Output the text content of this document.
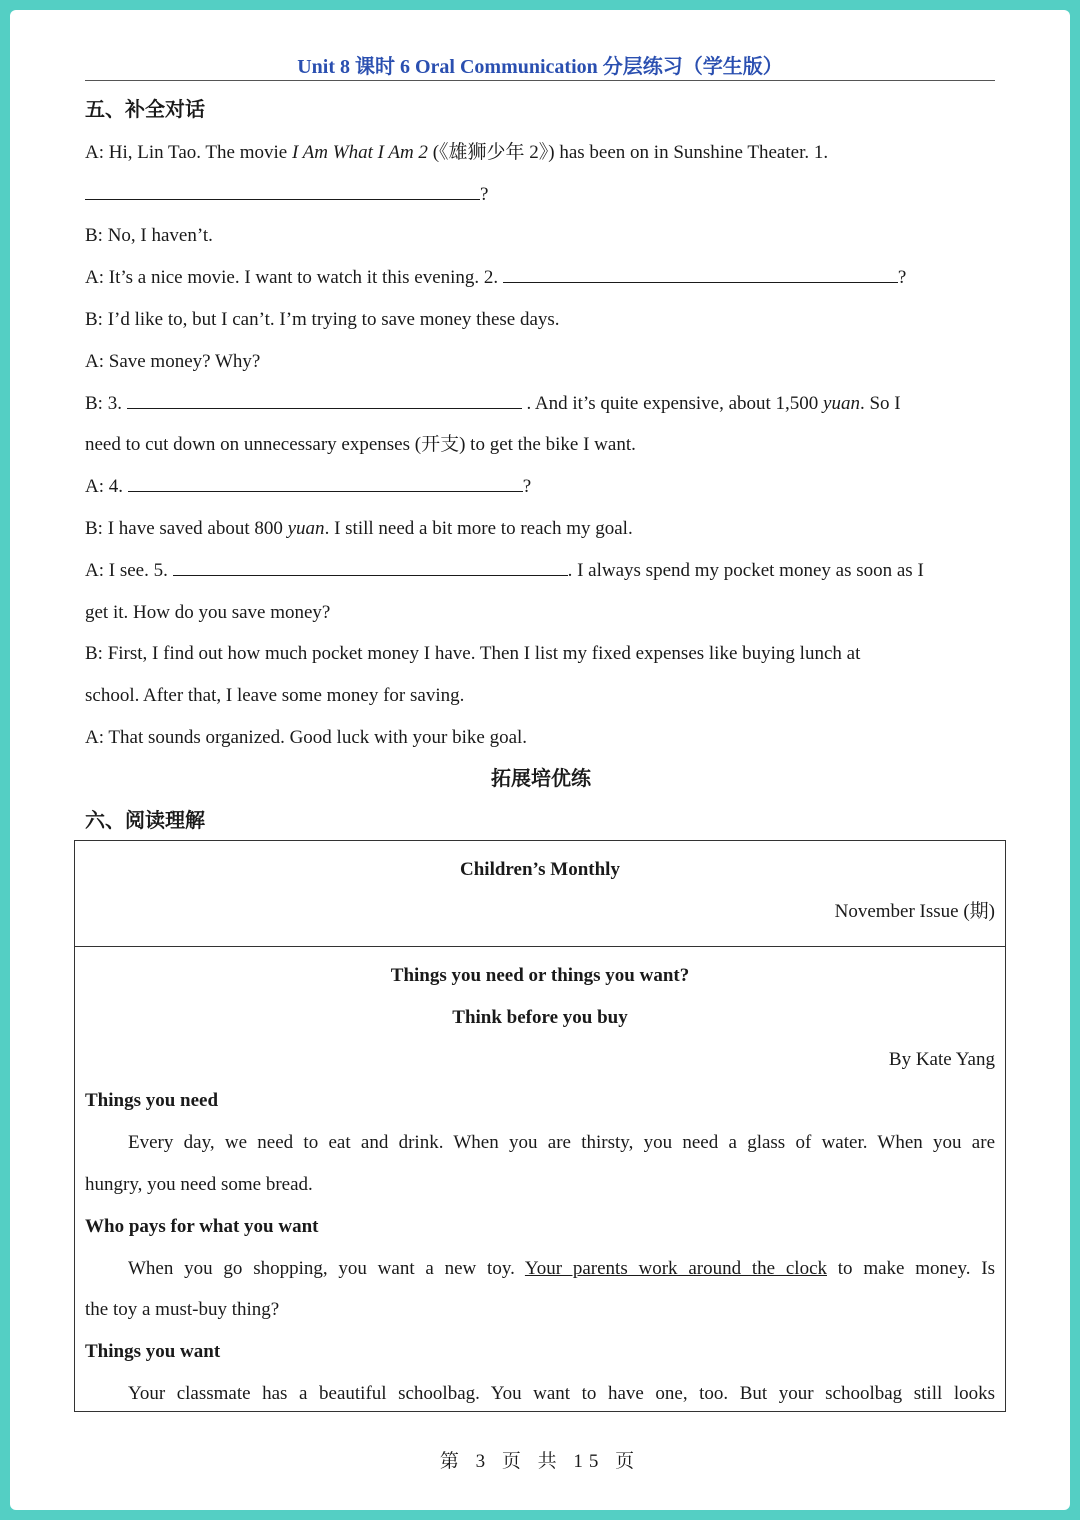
Unit 8 课时 6 Oral Communication 分层练习（学生版）
五、补全对话
A: Hi, Lin Tao. The movie I Am What I Am 2 (《雄狮少年 2》) has been on in Sunshine Theater. 1.
?
B: No, I haven’t.
A: It’s a nice movie. I want to watch it this evening. 2.	?
B: I’d like to, but I can’t. I’m trying to save money these days.
A: Save money? Why?
B: 3.	. And it’s quite expensive, about 1,500 yuan. So I
need to cut down on unnecessary expenses (开支) to get the bike I want.
A: 4.	?
B: I have saved about 800 yuan. I still need a bit more to reach my goal.
A: I see. 5.	. I always spend my pocket money as soon as I
get it. How do you save money?
B: First, I find out how much pocket money I have. Then I list my fixed expenses like buying lunch at
school. After that, I leave some money for saving.
A: That sounds organized. Good luck with your bike goal.
拓展培优练
六、阅读理解
Children’s Monthly
November Issue (期)
Things you need or things you want?
Think before you buy
By Kate Yang
Things you need
Every day, we need to eat and drink. When you are thirsty, you need a glass of water. When you are
hungry, you need some bread.
Who pays for what you want
When you go shopping, you want a new toy. Your parents work around the clock to make money. Is
the toy a must-buy thing?
Things you want
Your classmate has a beautiful schoolbag. You want to have one, too. But your schoolbag still looks
第 3 页 共 15 页
